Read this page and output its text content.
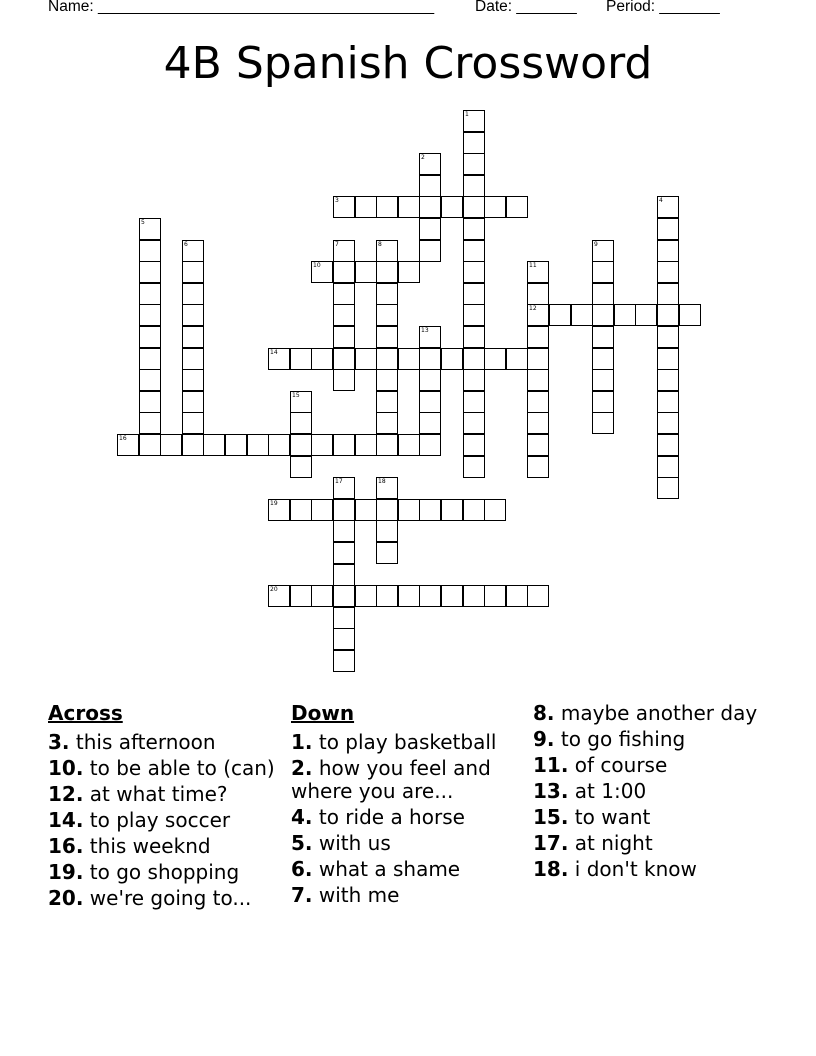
Name: _______________________________________	Date: _______ Period: _______
4B Spanish Crossword
3
10
12
14
16
19
20
1
2
4
5
6	7	8	9
11
13
15
17	18
Across
3. this afternoon
10. to be able to (can)
12. at what time?
14. to play soccer
16. this weeknd
19. to go shopping
20. we're going to...
Down
1. to play basketball
2. how you feel and where you are...
4. to ride a horse
5. with us
6. what a shame
7. with me
8. maybe another day
9. to go fishing
11. of course
13. at 1:00
15. to want
17. at night
18. i don't know
